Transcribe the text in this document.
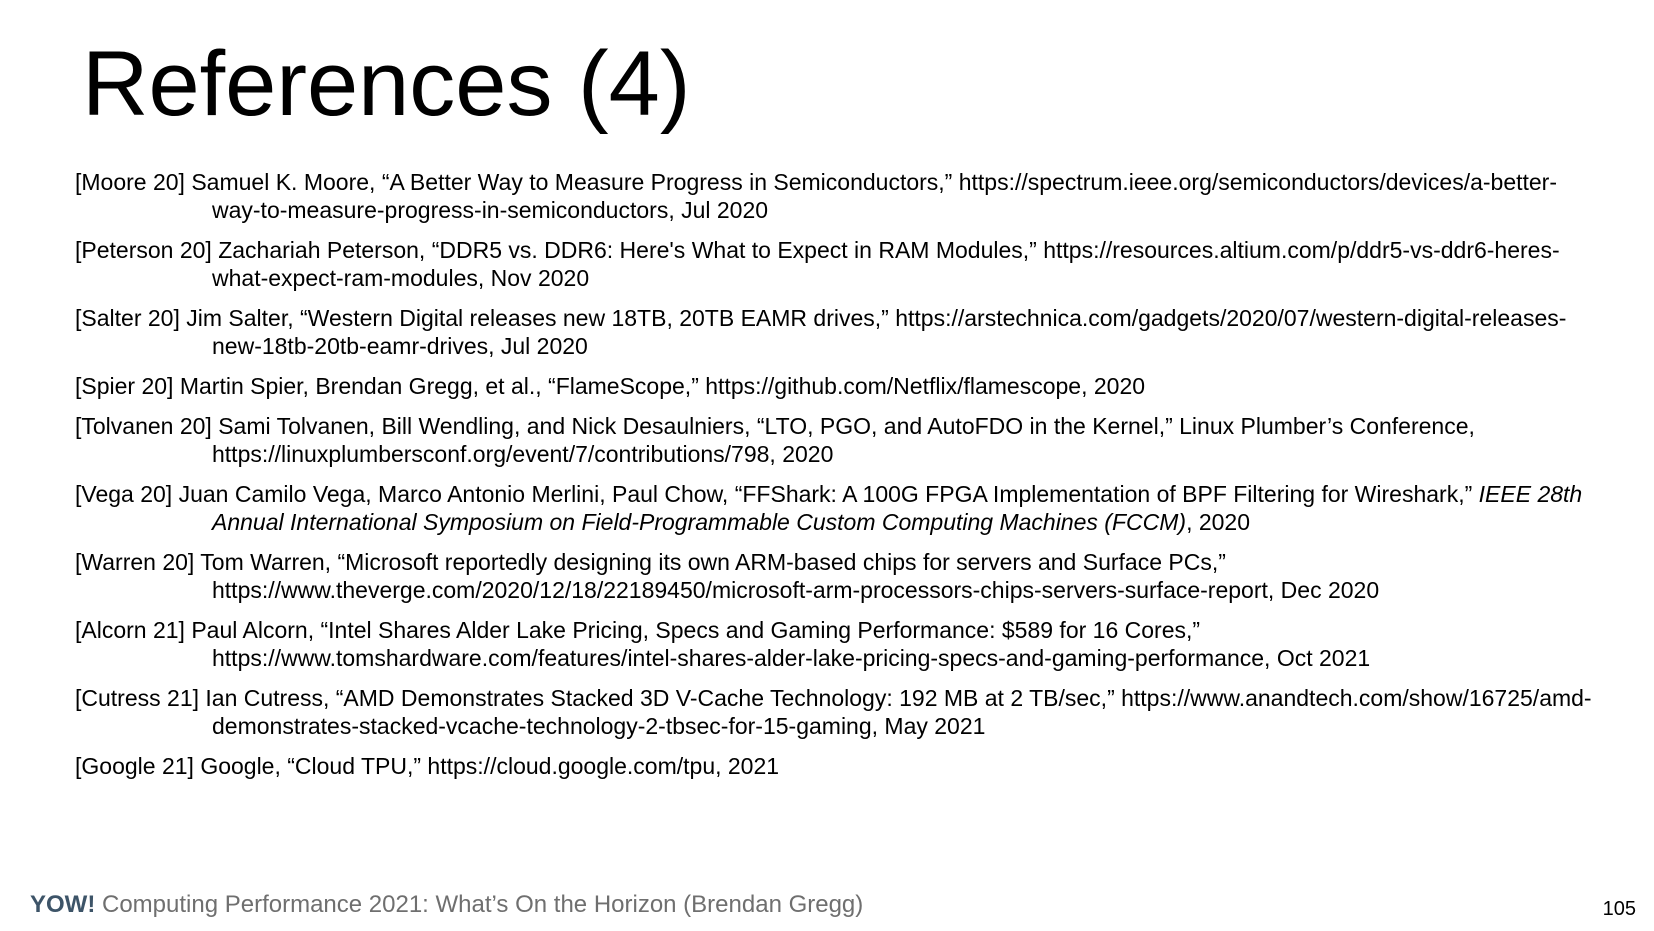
References (4)
[Moore 20] Samuel K. Moore, “A Better Way to Measure Progress in Semiconductors,” https://spectrum.ieee.org/semiconductors/devices/a-better-way-to-measure-progress-in-semiconductors, Jul 2020
[Peterson 20] Zachariah Peterson, “DDR5 vs. DDR6: Here's What to Expect in RAM Modules,” https://resources.altium.com/p/ddr5-vs-ddr6-heres-what-expect-ram-modules, Nov 2020
[Salter 20] Jim Salter, “Western Digital releases new 18TB, 20TB EAMR drives,” https://arstechnica.com/gadgets/2020/07/western-digital-releases-new-18tb-20tb-eamr-drives, Jul 2020
[Spier 20] Martin Spier, Brendan Gregg, et al., “FlameScope,” https://github.com/Netflix/flamescope, 2020
[Tolvanen 20] Sami Tolvanen, Bill Wendling, and Nick Desaulniers, “LTO, PGO, and AutoFDO in the Kernel,” Linux Plumber’s Conference, https://linuxplumbersconf.org/event/7/contributions/798, 2020
[Vega 20] Juan Camilo Vega, Marco Antonio Merlini, Paul Chow, “FFShark: A 100G FPGA Implementation of BPF Filtering for Wireshark,” IEEE 28th Annual International Symposium on Field-Programmable Custom Computing Machines (FCCM), 2020
[Warren 20] Tom Warren, “Microsoft reportedly designing its own ARM-based chips for servers and Surface PCs,” https://www.theverge.com/2020/12/18/22189450/microsoft-arm-processors-chips-servers-surface-report, Dec 2020
[Alcorn 21] Paul Alcorn, “Intel Shares Alder Lake Pricing, Specs and Gaming Performance: $589 for 16 Cores,” https://www.tomshardware.com/features/intel-shares-alder-lake-pricing-specs-and-gaming-performance, Oct 2021
[Cutress 21] Ian Cutress, “AMD Demonstrates Stacked 3D V-Cache Technology: 192 MB at 2 TB/sec,” https://www.anandtech.com/show/16725/amd-demonstrates-stacked-vcache-technology-2-tbsec-for-15-gaming, May 2021
[Google 21] Google, “Cloud TPU,” https://cloud.google.com/tpu, 2021
YOW! Computing Performance 2021: What’s On the Horizon (Brendan Gregg)	105
